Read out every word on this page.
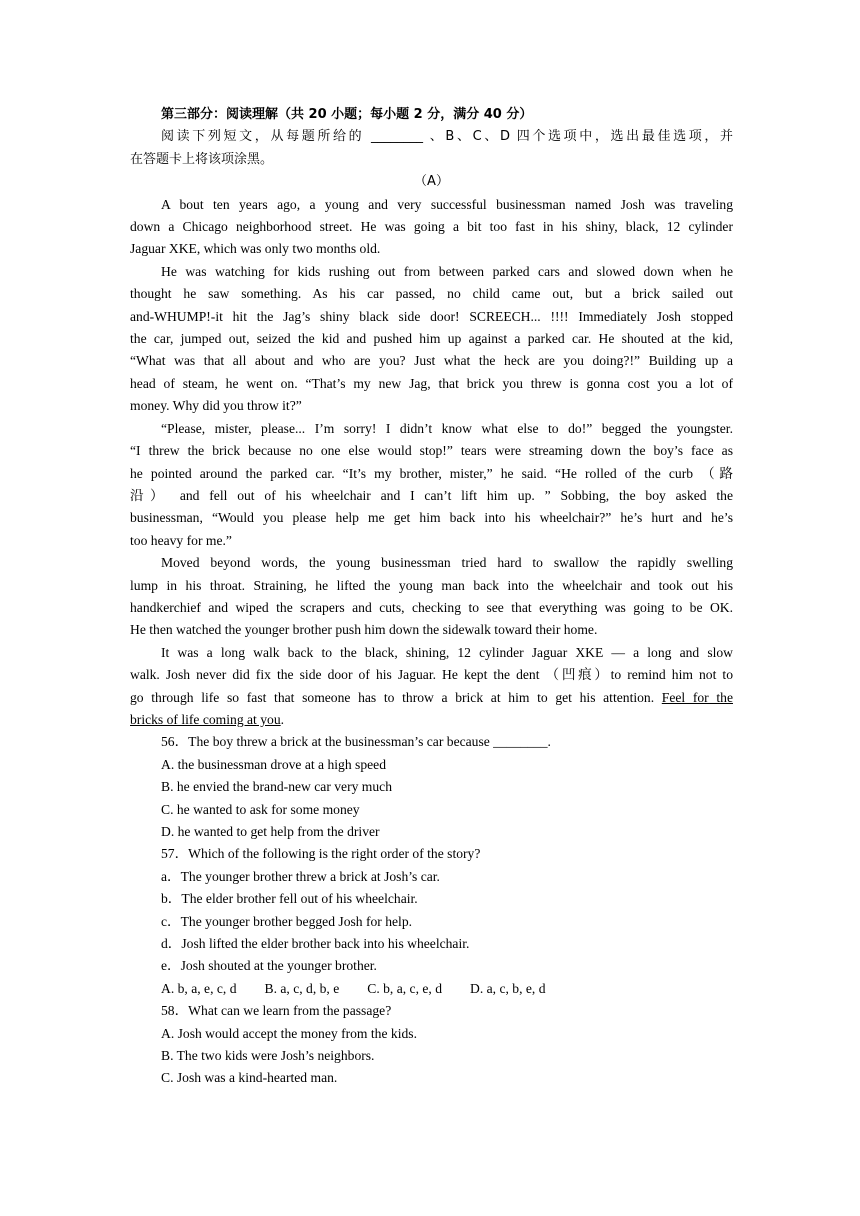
第三部分：阅读理解（共 20 小题；每小题 2 分，满分 40 分）
阅读下列短文，从每题所给的 ________ 、B、C、D 四个选项中，选出最佳选项，并
在答题卡上将该项涂黑。
（A）
A bout ten years ago, a young and very successful businessman named Josh was traveling
down a Chicago neighborhood street. He was going a bit too fast in his shiny, black, 12 cylinder
Jaguar XKE, which was only two months old.
He was watching for kids rushing out from between parked cars and slowed down when he
thought he saw something. As his car passed, no child came out, but a brick sailed out
and-WHUMP!-it hit the Jag’s shiny black side door! SCREECH... !!!! Immediately Josh stopped
the car, jumped out, seized the kid and pushed him up against a parked car. He shouted at the kid,
“What was that all about and who are you? Just what the heck are you doing?!” Building up a
head of steam, he went on. “That’s my new Jag, that brick you threw is gonna cost you a lot of
money. Why did you throw it?”
“Please, mister, please... I’m sorry! I didn’t know what else to do!” begged the youngster.
“I threw the brick because no one else would stop!” tears were streaming down the boy’s face as
he pointed around the parked car. “It’s my brother, mister,” he said. “He rolled of the curb （路
沿） and fell out of his wheelchair and I can’t lift him up. ” Sobbing, the boy asked the
businessman, “Would you please help me get him back into his wheelchair?” he’s hurt and he’s
too heavy for me.”
Moved beyond words, the young businessman tried hard to swallow the rapidly swelling
lump in his throat. Straining, he lifted the young man back into the wheelchair and took out his
handkerchief and wiped the scrapers and cuts, checking to see that everything was going to be OK.
He then watched the younger brother push him down the sidewalk toward their home.
It was a long walk back to the black, shining, 12 cylinder Jaguar XKE — a long and slow
walk. Josh never did fix the side door of his Jaguar. He kept the dent （凹痕）to remind him not to
go through life so fast that someone has to throw a brick at him to get his attention. Feel for the
bricks of life coming at you.
56．The boy threw a brick at the businessman’s car because ________.
A. the businessman drove at a high speed
B. he envied the brand-new car very much
C. he wanted to ask for some money
D. he wanted to get help from the driver
57．Which of the following is the right order of the story?
a．The younger brother threw a brick at Josh’s car.
b．The elder brother fell out of his wheelchair.
c．The younger brother begged Josh for help.
d．Josh lifted the elder brother back into his wheelchair.
e．Josh shouted at the younger brother.
A. b, a, e, c, d B. a, c, d, b, e C. b, a, c, e, d D. a, c, b, e, d
58．What can we learn from the passage?
A. Josh would accept the money from the kids.
B. The two kids were Josh’s neighbors.
C. Josh was a kind-hearted man.
